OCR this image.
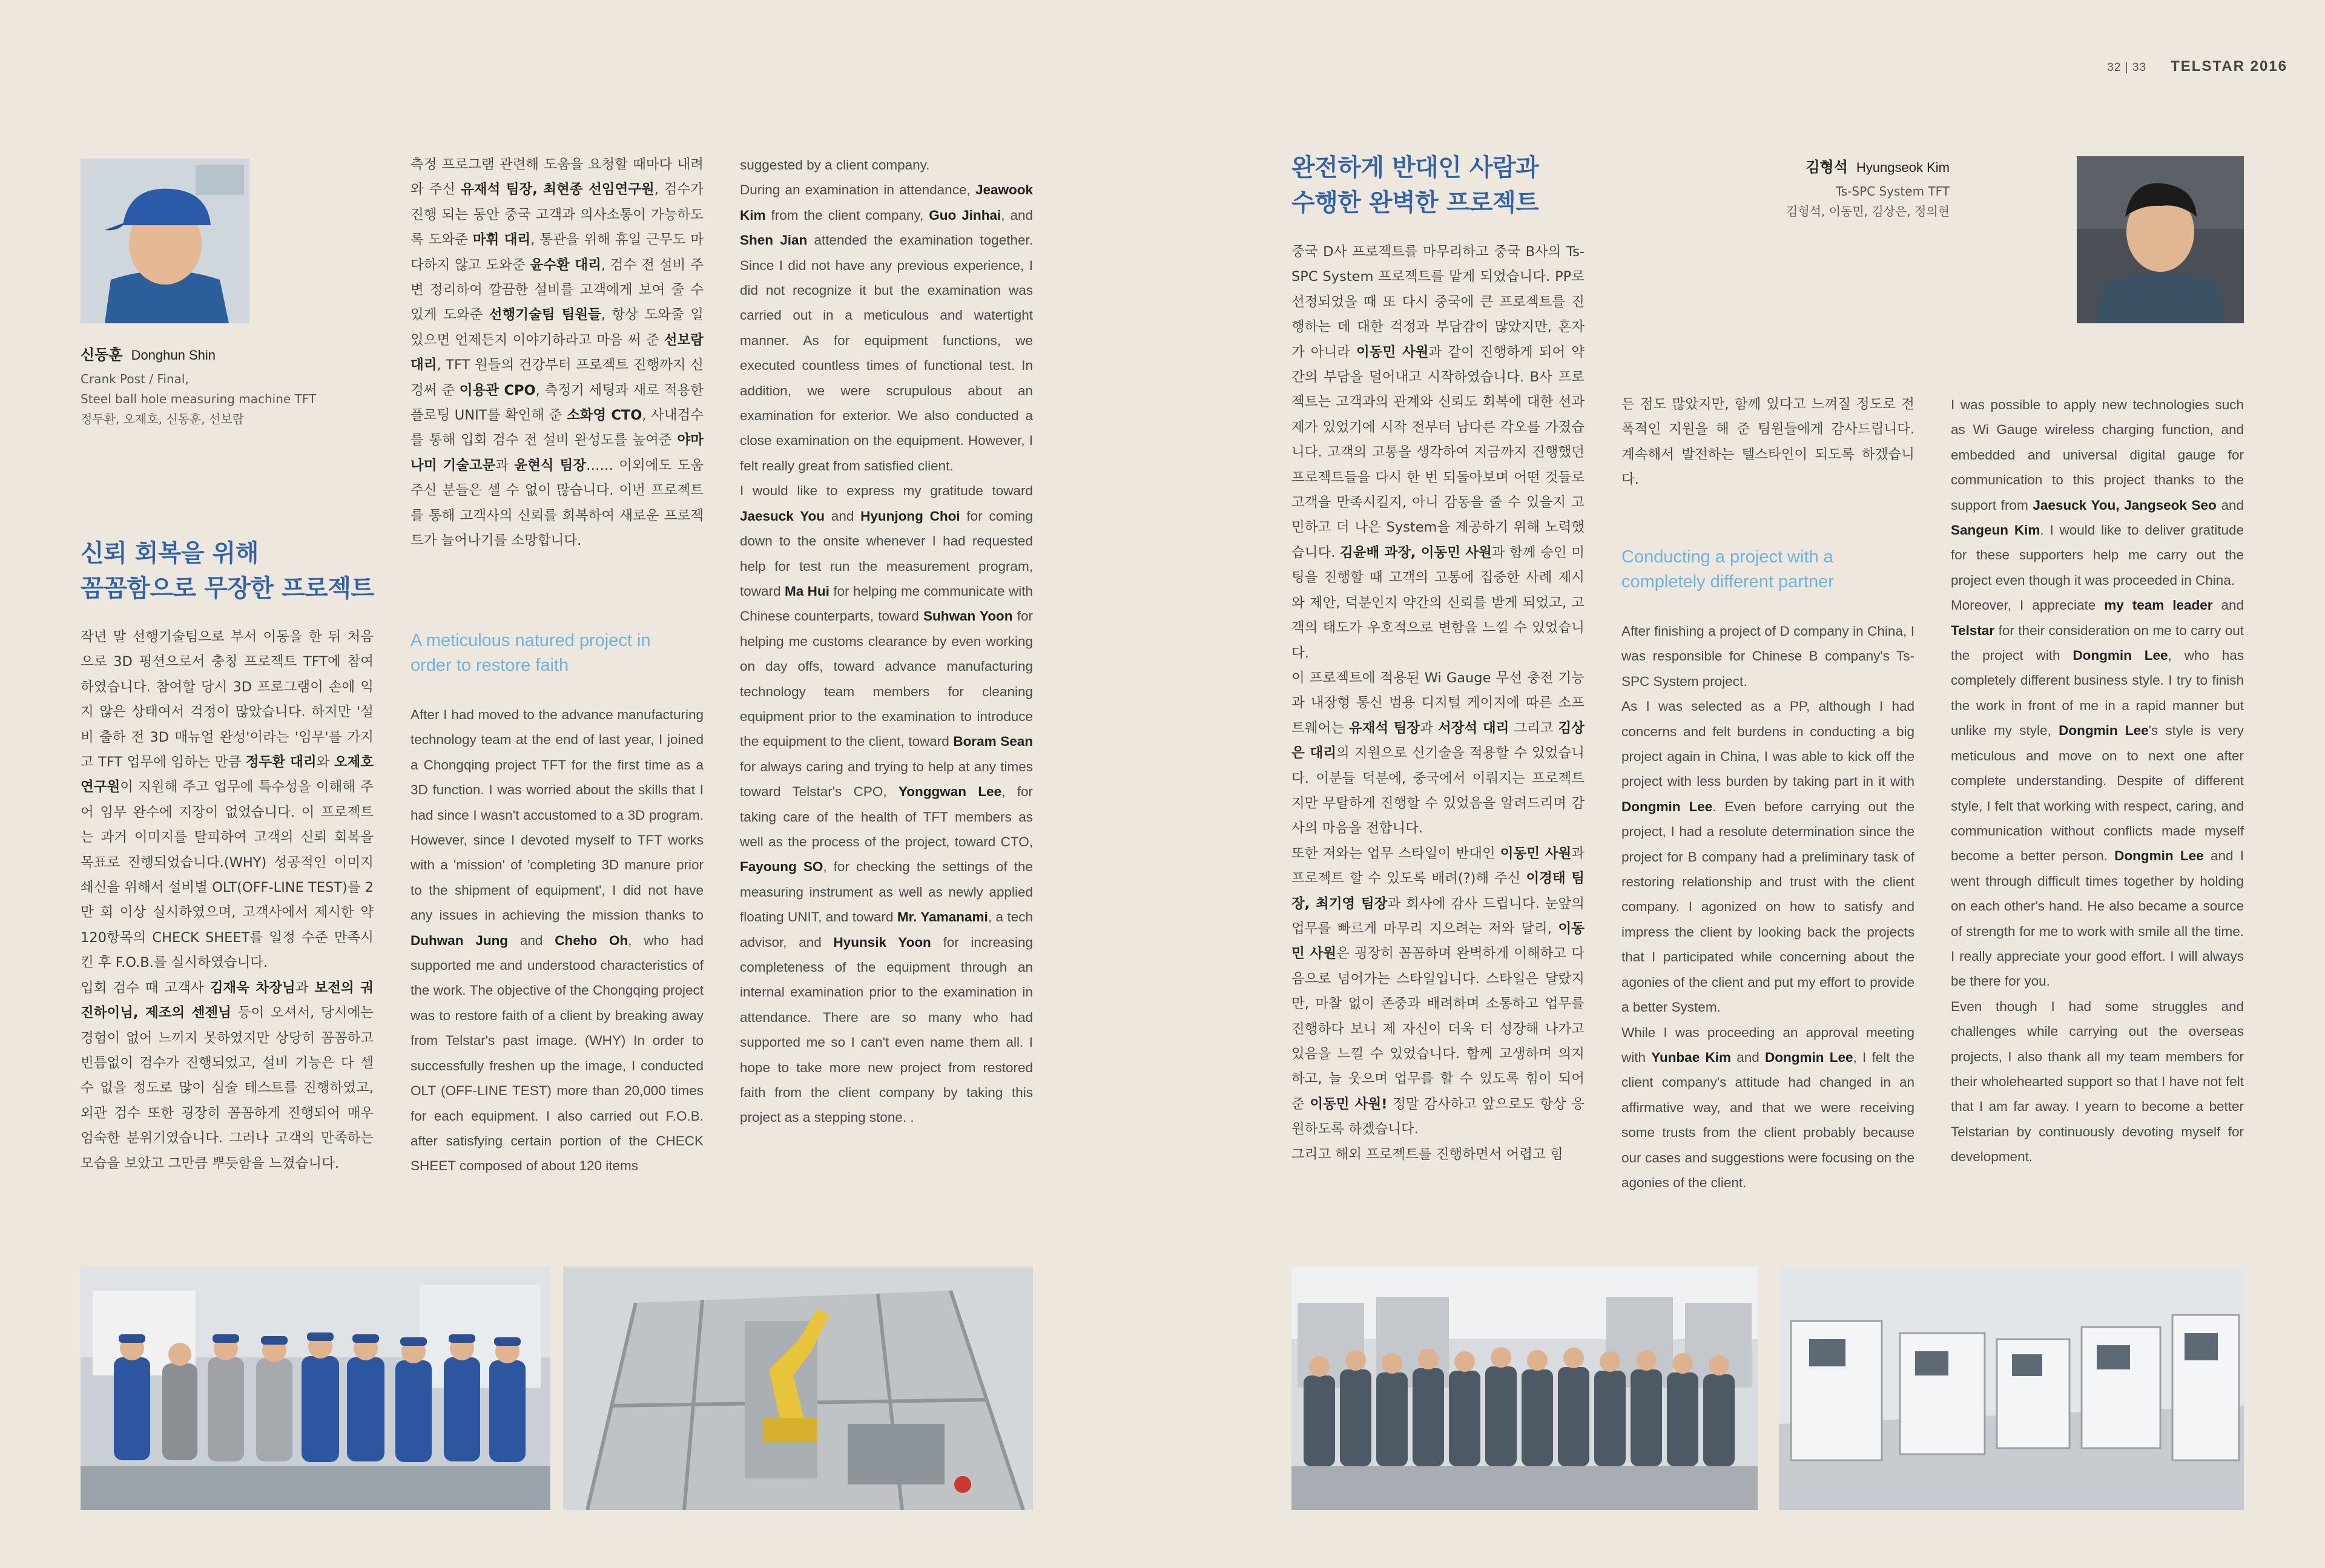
신동훈 Donghun Shin
Crank Post / Final,
Steel ball hole measuring machine TFT
정두환, 오제호, 신동훈, 선보람
신뢰 회복을 위해
꼼꼼함으로 무장한 프로젝트

작년 말 선행기술팀으로 부서 이동을 한 뒤 처음으로 3D 핑션으로서 충칭 프로젝트 TFT에 참여하였습니다. 참여할 당시 3D 프로그램이 손에 익지 않은 상태여서 걱정이 많았습니다. 하지만 '설비 출하 전 3D 매뉴얼 완성'이라는 '임무'를 가지고 TFT 업무에 임하는 만큼 정두환 대리와 오제호 연구원이 지원해 주고 업무에 특수성을 이해해 주어 임무 완수에 지장이 없었습니다. 이 프로젝트는 과거 이미지를 탈피하여 고객의 신뢰 회복을 목표로 진행되었습니다.(WHY) 성공적인 이미지 쇄신을 위해서 설비별 OLT(OFF-LINE TEST)를 2만 회 이상 실시하였으며, 고객사에서 제시한 약 120항목의 CHECK SHEET를 일정 수준 만족시킨 후 F.O.B.를 실시하였습니다.

입회 검수 때 고객사 김재욱 차장님과 보전의 궈진하이님, 제조의 센젠님 등이 오셔서, 당시에는 경험이 없어 느끼지 못하였지만 상당히 꼼꼼하고 빈틈없이 검수가 진행되었고, 설비 기능은 다 셀 수 없을 정도로 많이 심술 테스트를 진행하였고, 외관 검수 또한 굉장히 꼼꼼하게 진행되어 매우 엄숙한 분위기였습니다. 그러나 고객의 만족하는 모습을 보았고 그만큼 뿌듯함을 느꼈습니다.

측정 프로그램 관련해 도움을 요청할 때마다 내려와 주신 유재석 팀장, 최현종 선임연구원, 검수가 진행 되는 동안 중국 고객과 의사소통이 가능하도록 도와준 마휘 대리, 통관을 위해 휴일 근무도 마다하지 않고 도와준 윤수환 대리, 검수 전 설비 주변 정리하여 깔끔한 설비를 고객에게 보여 줄 수 있게 도와준 선행기술팀 팀원들, 항상 도와줄 일 있으면 언제든지 이야기하라고 마음 써 준 선보람 대리, TFT 원들의 건강부터 프로젝트 진행까지 신경써 준 이용관 CPO, 측정기 세팅과 새로 적용한 플로팅 UNIT를 확인해 준 소화영 CTO, 사내검수를 통해 입회 검수 전 설비 완성도를 높여준 야마나미 기술고문과 윤현식 팀장…… 이외에도 도움주신 분들은 셀 수 없이 많습니다. 이번 프로젝트를 통해 고객사의 신뢰를 회복하여 새로운 프로젝트가 늘어나기를 소망합니다.

A meticulous natured project in
order to restore faith

After I had moved to the advance manufacturing technology team at the end of last year, I joined a Chongqing project TFT for the first time as a 3D function. I was worried about the skills that I had since I wasn't accustomed to a 3D program. However, since I devoted myself to TFT works with a 'mission' of 'completing 3D manure prior to the shipment of equipment', I did not have any issues in achieving the mission thanks to Duhwan Jung and Cheho Oh, who had supported me and understood characteristics of the work. The objective of the Chongqing project was to restore faith of a client by breaking away from Telstar's past image. (WHY) In order to successfully freshen up the image, I conducted OLT (OFF-LINE TEST) more than 20,000 times for each equipment. I also carried out F.O.B. after satisfying certain portion of the CHECK SHEET composed of about 120 items

suggested by a client company.

During an examination in attendance, Jeawook Kim from the client company, Guo Jinhai, and Shen Jian attended the examination together. Since I did not have any previous experience, I did not recognize it but the examination was carried out in a meticulous and watertight manner. As for equipment functions, we executed countless times of functional test. In addition, we were scrupulous about an examination for exterior. We also conducted a close examination on the equipment. However, I felt really great from satisfied client.

I would like to express my gratitude toward Jaesuck You and Hyunjong Choi for coming down to the onsite whenever I had requested help for test run the measurement program, toward Ma Hui for helping me communicate with Chinese counterparts, toward Suhwan Yoon for helping me customs clearance by even working on day offs, toward advance manufacturing technology team members for cleaning equipment prior to the examination to introduce the equipment to the client, toward Boram Sean for always caring and trying to help at any times toward Telstar's CPO, Yonggwan Lee, for taking care of the health of TFT members as well as the process of the project, toward CTO, Fayoung SO, for checking the settings of the measuring instrument as well as newly applied floating UNIT, and toward Mr. Yamanami, a tech advisor, and Hyunsik Yoon for increasing completeness of the equipment through an internal examination prior to the examination in attendance. There are so many who had supported me so I can't even name them all. I hope to take more new project from restored faith from the client company by taking this project as a stepping stone. .

32 | 33 TELSTAR 2016
완전하게 반대인 사람과
수행한 완벽한 프로젝트
김형석 Hyungseok Kim
Ts-SPC System TFT
김형석, 이동민, 김상은, 정의현

중국 D사 프로젝트를 마무리하고 중국 B사의 Ts-SPC System 프로젝트를 맡게 되었습니다. PP로 선정되었을 때 또 다시 중국에 큰 프로젝트를 진행하는 데 대한 걱정과 부담감이 많았지만, 혼자가 아니라 이동민 사원과 같이 진행하게 되어 약간의 부담을 덜어내고 시작하였습니다. B사 프로젝트는 고객과의 관계와 신뢰도 회복에 대한 선과제가 있었기에 시작 전부터 남다른 각오를 가졌습니다. 고객의 고통을 생각하여 지금까지 진행했던 프로젝트들을 다시 한 번 되돌아보며 어떤 것들로 고객을 만족시킬지, 아니 감동을 줄 수 있을지 고민하고 더 나은 System을 제공하기 위해 노력했습니다. 김윤배 과장, 이동민 사원과 함께 승인 미팅을 진행할 때 고객의 고통에 집중한 사례 제시와 제안, 덕분인지 약간의 신뢰를 받게 되었고, 고객의 태도가 우호적으로 변함을 느낄 수 있었습니다.

이 프로젝트에 적용된 Wi Gauge 무선 충전 기능과 내장형 통신 범용 디지털 게이지에 따른 소프트웨어는 유재석 팀장과 서장석 대리 그리고 김상은 대리의 지원으로 신기술을 적용할 수 있었습니다. 이분들 덕분에, 중국에서 이뤄지는 프로젝트지만 무탈하게 진행할 수 있었음을 알려드리며 감사의 마음을 전합니다.

또한 저와는 업무 스타일이 반대인 이동민 사원과 프로젝트 할 수 있도록 배려(?)해 주신 이경태 팀장, 최기영 팀장과 회사에 감사 드립니다. 눈앞의 업무를 빠르게 마무리 지으려는 저와 달리, 이동민 사원은 굉장히 꼼꼼하며 완벽하게 이해하고 다음으로 넘어가는 스타일입니다. 스타일은 달랐지만, 마찰 없이 존중과 배려하며 소통하고 업무를 진행하다 보니 제 자신이 더욱 더 성장해 나가고 있음을 느낄 수 있었습니다. 함께 고생하며 의지하고, 늘 웃으며 업무를 할 수 있도록 힘이 되어 준 이동민 사원! 정말 감사하고 앞으로도 항상 응원하도록 하겠습니다.

그리고 해외 프로젝트를 진행하면서 어렵고 힘

든 점도 많았지만, 함께 있다고 느껴질 정도로 전폭적인 지원을 해 준 팀원들에게 감사드립니다. 계속해서 발전하는 텔스타인이 되도록 하겠습니다.

Conducting a project with a
completely different partner

After finishing a project of D company in China, I was responsible for Chinese B company's Ts-SPC System project.

As I was selected as a PP, although I had concerns and felt burdens in conducting a big project again in China, I was able to kick off the project with less burden by taking part in it with Dongmin Lee. Even before carrying out the project, I had a resolute determination since the project for B company had a preliminary task of restoring relationship and trust with the client company. I agonized on how to satisfy and impress the client by looking back the projects that I participated while concerning about the agonies of the client and put my effort to provide a better System.

While I was proceeding an approval meeting with Yunbae Kim and Dongmin Lee, I felt the client company's attitude had changed in an affirmative way, and that we were receiving some trusts from the client probably because our cases and suggestions were focusing on the agonies of the client.

I was possible to apply new technologies such as Wi Gauge wireless charging function, and embedded and universal digital gauge for communication to this project thanks to the support from Jaesuck You, Jangseok Seo and Sangeun Kim. I would like to deliver gratitude for these supporters help me carry out the project even though it was proceeded in China.

Moreover, I appreciate my team leader and Telstar for their consideration on me to carry out the project with Dongmin Lee, who has completely different business style. I try to finish the work in front of me in a rapid manner but unlike my style, Dongmin Lee's style is very meticulous and move on to next one after complete understanding. Despite of different style, I felt that working with respect, caring, and communication without conflicts made myself become a better person. Dongmin Lee and I went through difficult times together by holding on each other's hand. He also became a source of strength for me to work with smile all the time. I really appreciate your good effort. I will always be there for you.

Even though I had some struggles and challenges while carrying out the overseas projects, I also thank all my team members for their wholehearted support so that I have not felt that I am far away. I yearn to become a better Telstarian by continuously devoting myself for development.
